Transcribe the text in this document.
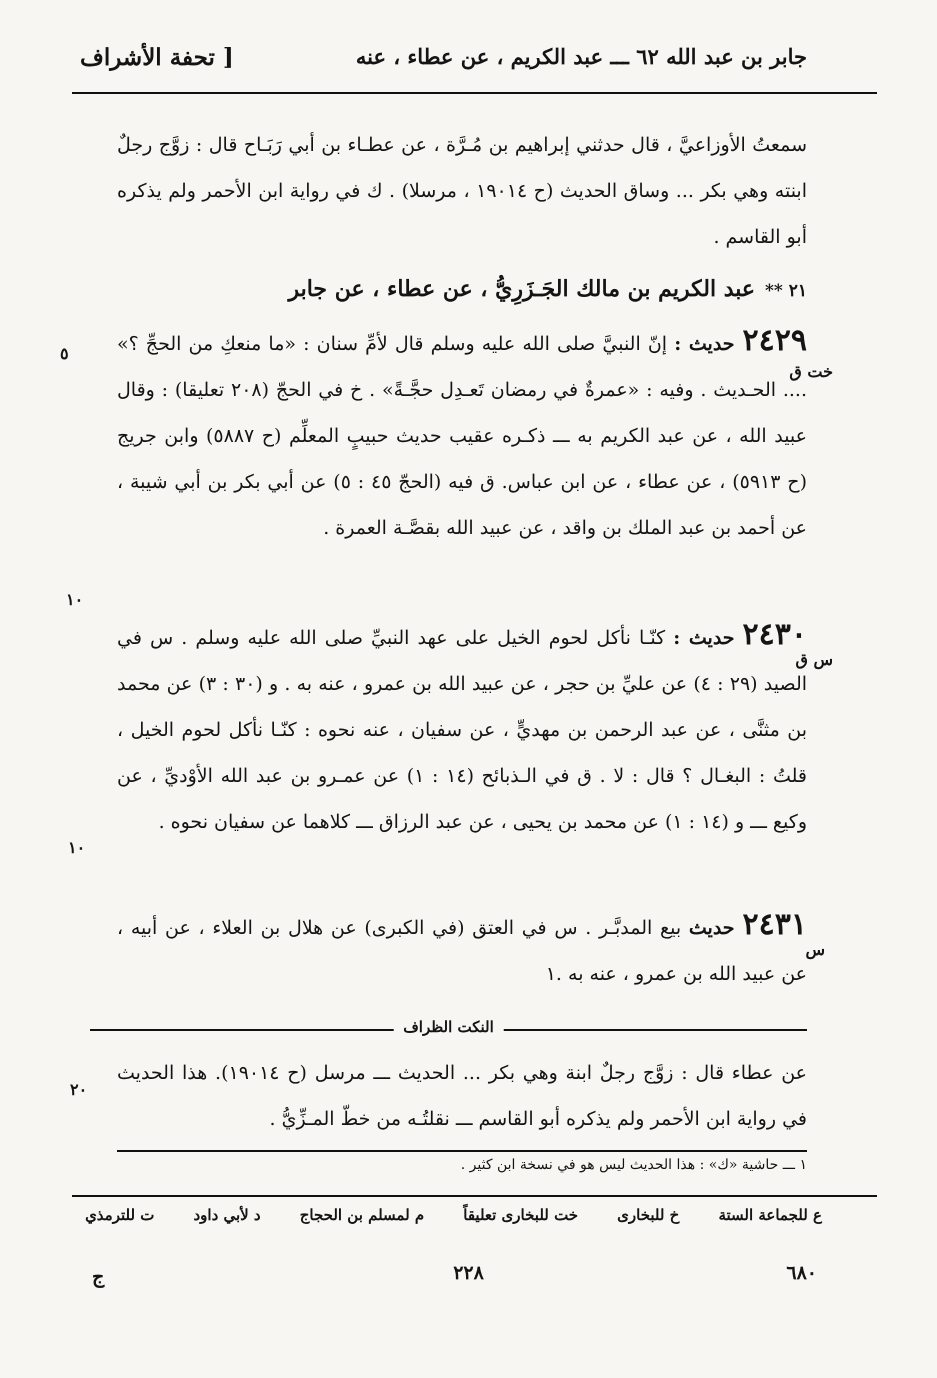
جابر بن عبد الله ٦٢ ـــ عبد الكريم ، عن عطاء ، عنه
[ تحفة الأشراف
سمعتُ الأوزاعيَّ ، قال حدثني إبراهيم بن مُـرَّة ، عن عطـاء بن أبي رَبَـاح قال : زوَّج رجلٌ ابنته وهي بكر ... وساق الحديث (ح ١٩٠١٤ ، مرسلا) . ك في رواية ابن الأحمر ولم يذكره أبو القاسم .
٢١ **عبد الكريم بن مالك الجَـزَرِيُّ ، عن عطاء ، عن جابر
٢٤٢٩حديث : إنّ النبيَّ صلى الله عليه وسلم قال لأمِّ سنان : «ما منعكِ من الحجِّ ؟» .... الحـديث . وفيه : «عمرةٌ في رمضان تَعـدِل حجَّـةً» . خ في الحجّ (٢٠٨ تعليقا) : وقال عبيد الله ، عن عبد الكريم به ـــ ذكـره عقيب حديث حبيبٍ المعلِّم (ح ٥٨٨٧) وابن جريج (ح ٥٩١٣) ، عن عطاء ، عن ابن عباس. ق فيه (الحجّ ٤٥ : ٥) عن أبي بكر بن أبي شيبة ، عن أحمد بن عبد الملك بن واقد ، عن عبيد الله بقصَّـة العمرة .
٢٤٣٠حديث : كنّـا نأكل لحوم الخيل على عهد النبيِّ صلى الله عليه وسلم . س في الصيد (٢٩ : ٤) عن عليِّ بن حجر ، عن عبيد الله بن عمرو ، عنه به . و (٣٠ : ٣) عن محمد بن مثنَّى ، عن عبد الرحمن بن مهديٍّ ، عن سفيان ، عنه نحوه : كنّـا نأكل لحوم الخيل ، قلتُ : البغـال ؟ قال : لا . ق في الـذبائح (١٤ : ١) عن عمـرو بن عبد الله الأوْديِّ ، عن وكيع ـــ و (١٤ : ١) عن محمد بن يحيى ، عن عبد الرزاق ـــ كلاهما عن سفيان نحوه .
٢٤٣١حديث بيع المدبَّـر . س في العتق (في الكبرى) عن هلال بن العلاء ، عن أبيه ، عن عبيد الله بن عمرو ، عنه به .١
٥
خت ق
١٠
س ق
١٠
س
٢٠
النكت الظراف
عن عطاء قال : زوَّج رجلٌ ابنة وهي بكر ... الحديث ـــ مرسل (ح ١٩٠١٤). هذا الحديث في رواية ابن الأحمر ولم يذكره أبو القاسم ـــ نقلتُـه من خطّ المـزِّيُّ .
١ ـــ حاشية «ك» : هذا الحديث ليس هو في نسخة ابن كثير .
ع للجماعة الستة
خ للبخارى
خت للبخارى تعليقاً
م لمسلم بن الحجاج
د لأبي داود
ت للترمذي
٦٨٠
٢٢٨
ج
